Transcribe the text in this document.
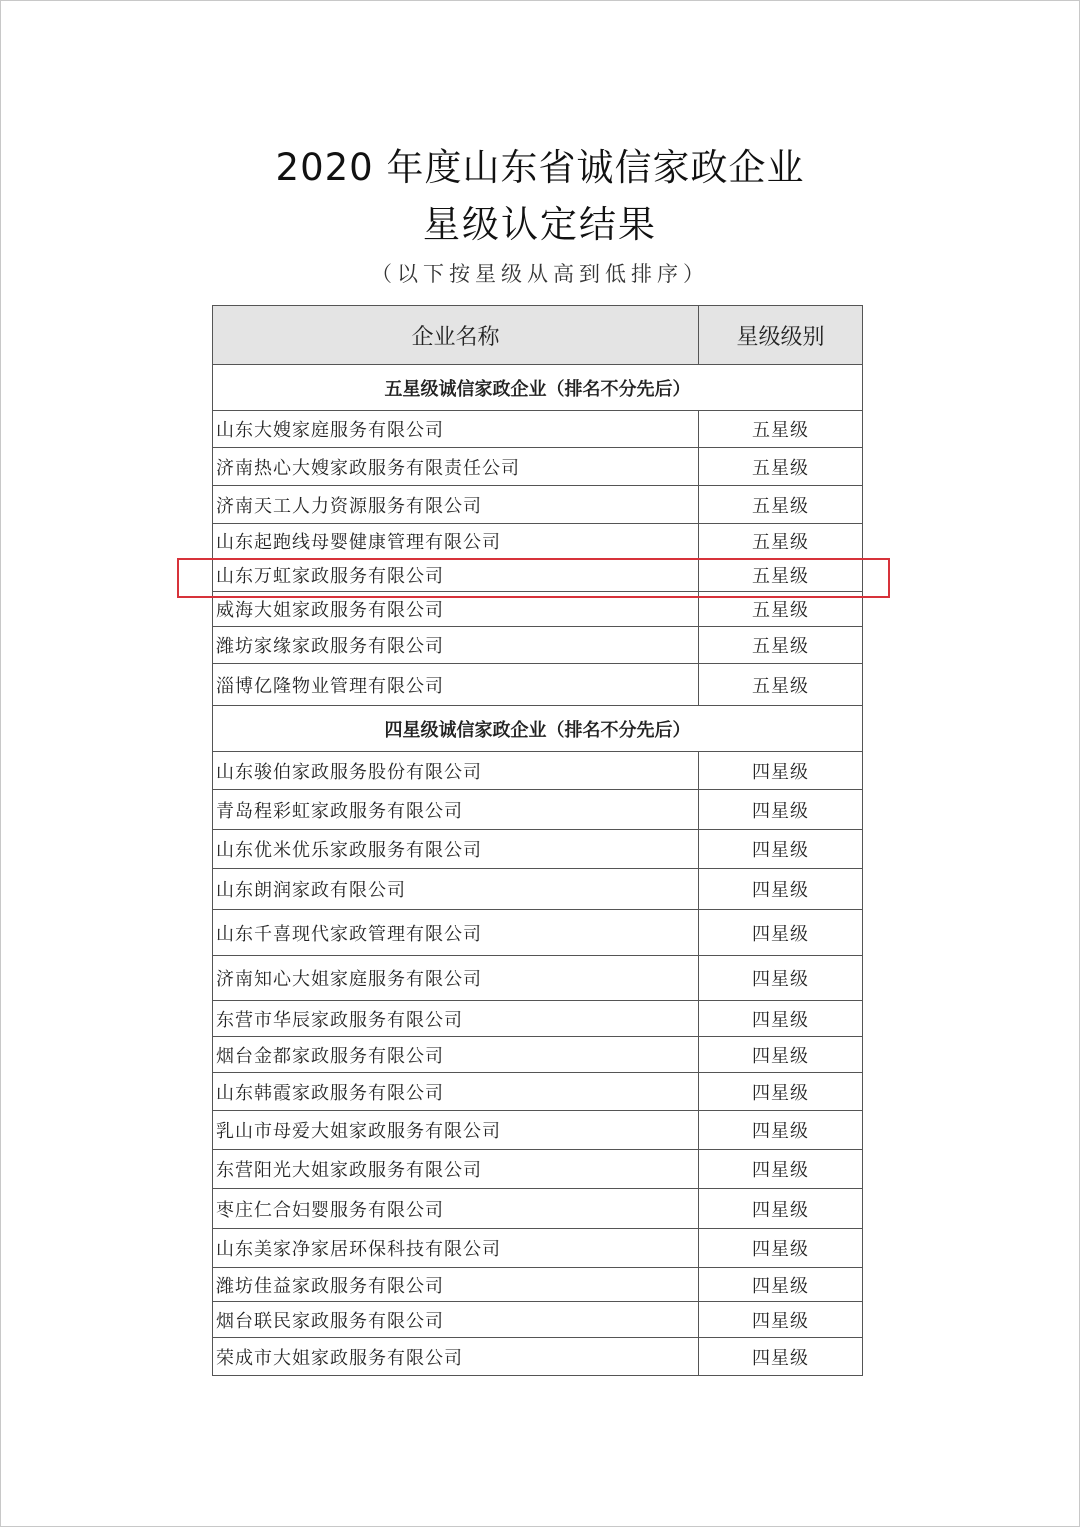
2020 年度山东省诚信家政企业
星级认定结果
（以下按星级从高到低排序）
企业名称	星级级别
五星级诚信家政企业（排名不分先后）	
山东大嫂家庭服务有限公司	五星级
济南热心大嫂家政服务有限责任公司	五星级
济南天工人力资源服务有限公司	五星级
山东起跑线母婴健康管理有限公司	五星级
山东万虹家政服务有限公司	五星级
威海大姐家政服务有限公司	五星级
潍坊家缘家政服务有限公司	五星级
淄博亿隆物业管理有限公司	五星级
四星级诚信家政企业（排名不分先后）	
山东骏伯家政服务股份有限公司	四星级
青岛程彩虹家政服务有限公司	四星级
山东优米优乐家政服务有限公司	四星级
山东朗润家政有限公司	四星级
山东千喜现代家政管理有限公司	四星级
济南知心大姐家庭服务有限公司	四星级
东营市华辰家政服务有限公司	四星级
烟台金都家政服务有限公司	四星级
山东韩霞家政服务有限公司	四星级
乳山市母爱大姐家政服务有限公司	四星级
东营阳光大姐家政服务有限公司	四星级
枣庄仁合妇婴服务有限公司	四星级
山东美家净家居环保科技有限公司	四星级
潍坊佳益家政服务有限公司	四星级
烟台联民家政服务有限公司	四星级
荣成市大姐家政服务有限公司	四星级
